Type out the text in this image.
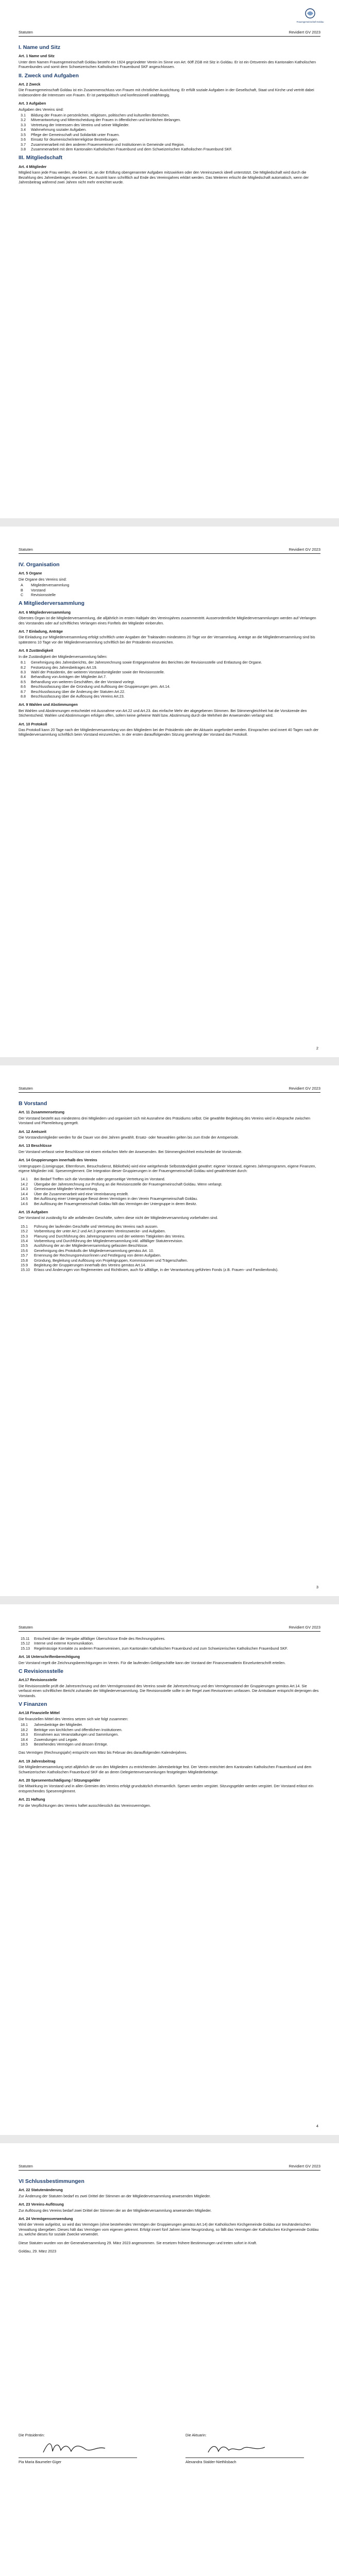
Frauengemeinschaft Goldau
Statuten	Revidiert GV 2023
Statuten	Revidiert GV 2023
Statuten	Revidiert GV 2023
Statuten	Revidiert GV 2023
Statuten	Revidiert GV 2023
I. Name und Sitz
Art. 1 Name und Sitz

Unter dem Namen Frauengemeinschaft Goldau besteht ein 1924 gegründeter Verein im Sinne von Art. 60ff ZGB mit Sitz in Goldau. Er ist ein Ortsverein des Kantonalen Katholischen Frauenbundes und somit dem Schweizerischen Katholischen Frauenbund SKF angeschlossen.

II. Zweck und Aufgaben
Art. 2 Zweck

Die Frauengemeinschaft Goldau ist ein Zusammenschluss von Frauen mit christlicher Ausrichtung. Er erfüllt soziale Aufgaben in der Gesellschaft, Staat und Kirche und vertritt dabei insbesondere die Interessen von Frauen. Er ist parteipolitisch und konfessionell unabhängig.

Art. 3 Aufgaben
Aufgaben des Vereins sind:
3.1	Bildung der Frauen in persönlichen, religiösen, politischen und kulturellen Bereichen.
3.2	Mitverantwortung und Mitentscheidung der Frauen in öffentlichen und kirchlichen Belangen.
3.3	Vertretung der Interessen des Vereins und seiner Mitglieder.
3.4	Wahrnehmung sozialer Aufgaben.
3.5	Pflege der Gemeinschaft und Solidarität unter Frauen.
3.6	Einsatz für ökumenische/interreligiöse Bestrebungen.
3.7	Zusammenarbeit mit den anderen Frauenvereinen und Institutionen in Gemeinde und Region.
3.8	Zusammenarbeit mit dem Kantonalen Katholischen Frauenbund und dem Schweizerischen Katholischen Frauenbund SKF.
III. Mitgliedschaft
Art. 4 Mitglieder

Mitglied kann jede Frau werden, die bereit ist, an der Erfüllung obengenannter Aufgaben mitzuwirken oder den Vereinszweck ideell unterstützt. Die Mitgliedschaft wird durch die Bezahlung des Jahresbeitrages erworben. Der Austritt kann schriftlich auf Ende des Vereinsjahres erklärt werden. Das Weiteren erlischt die Mitgliedschaft automatisch, wenn der Jahresbeitrag während zwei Jahren nicht mehr entrichtet wurde.

IV. Organisation
Art. 5 Organe
Die Organe des Vereins sind:
A	Mitgliederversammlung
B	Vorstand
C	Revisionsstelle
A Mitgliederversammlung
Art. 6 Mitgliederversammlung

Oberstes Organ ist die Mitgliederversammlung, die alljährlich im ersten Halbjahr des Vereinsjahres zusammentritt. Ausserordentliche Mitgliederversammlungen werden auf Verlangen des Vorstandes oder auf schriftliches Verlangen eines Fünftels der Mitglieder einberufen.

Art. 7 Einladung, Anträge

Die Einladung zur Mitgliederversammlung erfolgt schriftlich unter Angaben der Traktanden mindestens 20 Tage vor der Versammlung. Anträge an die Mitgliederversammlung sind bis spätestens 10 Tage vor der Mitgliederversammlung schriftlich bei der Präsidentin einzureichen.

Art. 8 Zuständigkeit
In die Zuständigkeit der Mitgliederversammlung fallen:
8.1	Genehmigung des Jahresberichts, der Jahresrechnung sowie Entgegennahme des Berichtes der Revisionsstelle und Entlastung der Organe.
8.2	Festsetzung des Jahresbeitrages Art.19.
8.3	Wahl der Präsidentin, der weiteren Vorstandsmitglieder sowie der Revisionsstelle.
8.4	Behandlung von Anträgen der Mitglieder Art.7.
8.5	Behandlung von weiteren Geschäften, die der Vorstand vorlegt.
8.6	Beschlussfassung über die Gründung und Auflösung der Gruppierungen gem. Art.14.
8.7	Beschlussfassung über die Änderung der Statuten Art.22.
8.8	Beschlussfassung über die Auflösung des Vereins Art.23.
Art. 9 Wahlen und Abstimmungen

Bei Wahlen und Abstimmungen entscheidet mit Ausnahme von Art.22 und Art.23. das einfache Mehr der abgegebenen Stimmen. Bei Stimmengleichheit hat die Vorsitzende den Stichentscheid. Wahlen und Abstimmungen erfolgen offen, sofern keine geheime Wahl bzw. Abstimmung durch die Mehrheit der Anwesenden verlangt wird.

Art. 10 Protokoll

Das Protokoll kann 20 Tage nach der Mitgliederversammlung von den Mitgliedern bei der Präsidentin oder der Aktuarin angefordert werden. Einsprachen sind innert 40 Tagen nach der Mitgliederversammlung schriftlich beim Vorstand einzureichen. In der ersten darauffolgenden Sitzung genehmigt der Vorstand das Protokoll.

B Vorstand
Art. 11 Zusammensetzung

Der Vorstand besteht aus mindestens drei Mitgliedern und organisiert sich mit Ausnahme des Präsidiums selbst. Die gewählte Begleitung des Vereins wird in Absprache zwischen Vorstand und Pfarreileitung geregelt.

Art. 12 Amtszeit

Die Vorstandsmitglieder werden für die Dauer von drei Jahren gewählt. Ersatz- oder Neuwahlen gelten bis zum Ende der Amtsperiode.

Art. 13 Beschlüsse

Der Vorstand verfasst seine Beschlüsse mit einem einfachen Mehr der Anwesenden. Bei Stimmengleichheit entscheidet die Vorsitzende.

Art. 14 Gruppierungen innerhalb des Vereins

Untergruppen (Lismigruppe, Elternforum, Besuchsdienst, Bibliothek) wird eine weitgehende Selbstständigkeit gewährt: eigener Vorstand, eigenes Jahresprogramm, eigene Finanzen, eigene Mitglieder inkl. Spesenreglement. Die Integration dieser Gruppierungen in der Frauengemeinschaft Goldau wird gewährleistet durch:

14.1	Bei Bedarf Treffen sich die Vorstände oder gegenseitige Vertretung im Vorstand.
14.2	Übergabe der Jahresrechnung zur Prüfung an die Revisionsstelle der Frauengemeinschaft Goldau. Wenn verlangt.
14.3	Gemeinsame Mitglieder-Versammlung.
14.4	Über die Zusammenarbeit wird eine Vereinbarung erstellt.
14.5	Bei Auflösung einer Untergruppe fliesst deren Vermögen in den Verein Frauengemeinschaft Goldau.
14.6	Bei Auflösung der Frauengemeinschaft Goldau fällt das Vermögen der Untergruppe in deren Besitz.
Art. 15 Aufgaben

Der Vorstand ist zuständig für alle anfallenden Geschäfte, sofern diese nicht der Mitgliederversammlung vorbehalten sind.

15.1	Führung der laufenden Geschäfte und Vertretung des Vereins nach aussen.
15.2	Vorbereitung der unter Art.2 und Art.3 genannten Vereinszwecke- und Aufgaben.
15.3	Planung und Durchführung des Jahresprogramms und der weiteren Tätigkeiten des Vereins.
15.4	Vorbereitung und Durchführung der Mitgliederversammlung inkl. allfälliger Statutenrevision.
15.5	Ausführung der an der Mitgliederversammlung gefassten Beschlüsse.
15.6	Genehmigung des Protokolls der Mitgliederversammlung gemäss Art. 10.
15.7	Ernennung der Rechnungsrevisor/innen und Festlegung von deren Aufgaben.
15.8	Gründung, Begleitung und Auflösung von Projektgruppen, Kommissionen und Trägerschaften.
15.9	Begleitung der Gruppierungen innerhalb des Vereins gemäss Art.14.
15.10	Erlass und Änderungen von Reglementen und Richtlinien, auch für allfällige, in der Verantwortung geführten Fonds (z.B. Frauen- und Familienfonds).
15.11	Entscheid über die Vergabe allfälliger Überschüsse Ende des Rechnungsjahres.
15.12	Interne und externe Kommunikation.
15.13	Regelmässige Kontakte zu anderen Frauenvereinen, zum Kantonalen Katholischen Frauenbund und zum Schweizerischen Katholischen Frauenbund SKF.
Art. 16 Unterschriftenberechtigung

Der Vorstand regelt die Zeichnungsberechtigungen im Verein. Für die laufenden Geldgeschäfte kann der Vorstand der Finanzverwalterin Einzelunterschrift erteilen.

C Revisionsstelle
Art.17 Revisionsstelle

Die Revisionsstelle prüft die Jahresrechnung und den Vermögensstand des Vereins sowie die Jahresrechnung und den Vermögensstand der Gruppierungen gemäss Art.14. Sie verfasst einen schriftlichen Bericht zuhanden der Mitgliederversammlung. Die Revisionsstelle sollte in der Regel zwei Revisorinnen umfassen. Die Amtsdauer entspricht derjenigen des Vorstands.

V Finanzen
Art.18 Finanzielle Mittel
Die finanziellen Mittel des Vereins setzen sich wie folgt zusammen:
18.1	Jahresbeiträge der Mitglieder.
18.2	Beiträge von kirchlichen und öffentlichen Institutionen.
18.3	Einnahmen aus Veranstaltungen und Sammlungen.
18.4	Zuwendungen und Legate.
18.5	Bestehendes Vermögen und dessen Erträge.

Das Vermögen (Rechnungsjahr) entspricht vom März bis Februar des darauffolgenden Kalenderjahres.

Art. 19 Jahresbeitrag

Die Mitgliederversammlung setzt alljährlich die von den Mitgliedern zu entrichtenden Jahresbeiträge fest. Der Verein entrichtet dem Kantonalen Katholischen Frauenbund und dem Schweizerischen Katholischen Frauenbund SKF die an deren Delegiertenversammlungen festgelegten Mitgliederbeiträge.

Art. 20 Spesenentschädigung / Sitzungsgelder

Die Mitwirkung im Vorstand und in allen Gremien des Vereins erfolgt grundsätzlich ehrenamtlich. Spesen werden vergütet. Sitzungsgelder werden vergütet. Der Vorstand erlässt ein entsprechendes Spesenreglement.

Art. 21 Haftung

Für die Verpflichtungen des Vereins haftet ausschliesslich das Vereinsvermögen.

VI Schlussbestimmungen
Art. 22 Statutenänderung

Zur Änderung der Statuten bedarf es zwei Drittel der Stimmen an der Mitgliederversammlung anwesenden Mitglieder.

Art. 23 Vereins-Auflösung

Zur Auflösung des Vereins bedarf zwei Drittel der Stimmen der an der Mitgliederversammlung anwesenden Mitglieder.

Art. 24 Vermögensverwendung

Wird der Verein aufgelöst, so wird das Vermögen (ohne bestehendes Vermögen der Gruppierungen gemäss Art.14) der Katholischen Kirchgemeinde Goldau zur treuhänderischen Verwaltung übergeben. Dieses hält das Vermögen vom eigenen getrennt. Erfolgt innert fünf Jahren keine Neugründung, so fällt das Vermögen der Katholischen Kirchgemeinde Goldau zu, welche dieses für soziale Zwecke verwendet.

Diese Statuten wurden von der Generalversammlung 29. März 2023 angenommen. Sie ersetzen frühere Bestimmungen und treten sofort in Kraft.

Goldau, 29. März 2023
2
3
4
Die Präsidentin:	Die Aktuarin:
Pia Maria Baumeler-Giger	Alexandra Stalder-Niethlisbach
